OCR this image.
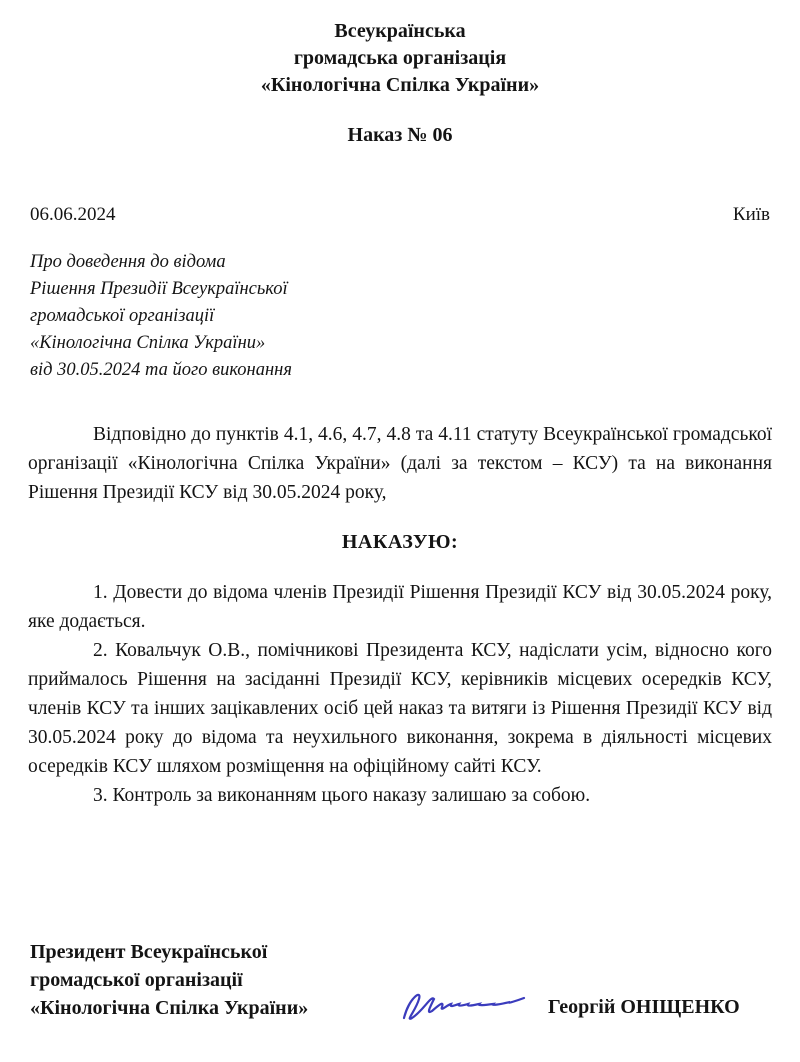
Всеукраїнська
громадська організація
«Кінологічна Спілка України»
Наказ № 06
06.06.2024	Київ
Про доведення до відома
Рішення Президії Всеукраїнської
громадської організації
«Кінологічна Спілка України»
від 30.05.2024 та його виконання

Відповідно до пунктів 4.1, 4.6, 4.7, 4.8 та 4.11 статуту Всеукраїнської громадської організації «Кінологічна Спілка України» (далі за текстом – КСУ) та на виконання Рішення Президії КСУ від 30.05.2024 року,

НАКАЗУЮ:

1. Довести до відома членів Президії Рішення Президії КСУ від 30.05.2024 року, яке додається.

2. Ковальчук О.В., помічникові Президента КСУ, надіслати усім, відносно кого приймалось Рішення на засіданні Президії КСУ, керівників місцевих осередків КСУ, членів КСУ та інших зацікавлених осіб цей наказ та витяги із Рішення Президії КСУ від 30.05.2024 року до відома та неухильного виконання, зокрема в діяльності місцевих осередків КСУ шляхом розміщення на офіційному сайті КСУ.

3. Контроль за виконанням цього наказу залишаю за собою.

Президент Всеукраїнської
громадської організації
«Кінологічна Спілка України»	Георгій ОНІЩЕНКО
